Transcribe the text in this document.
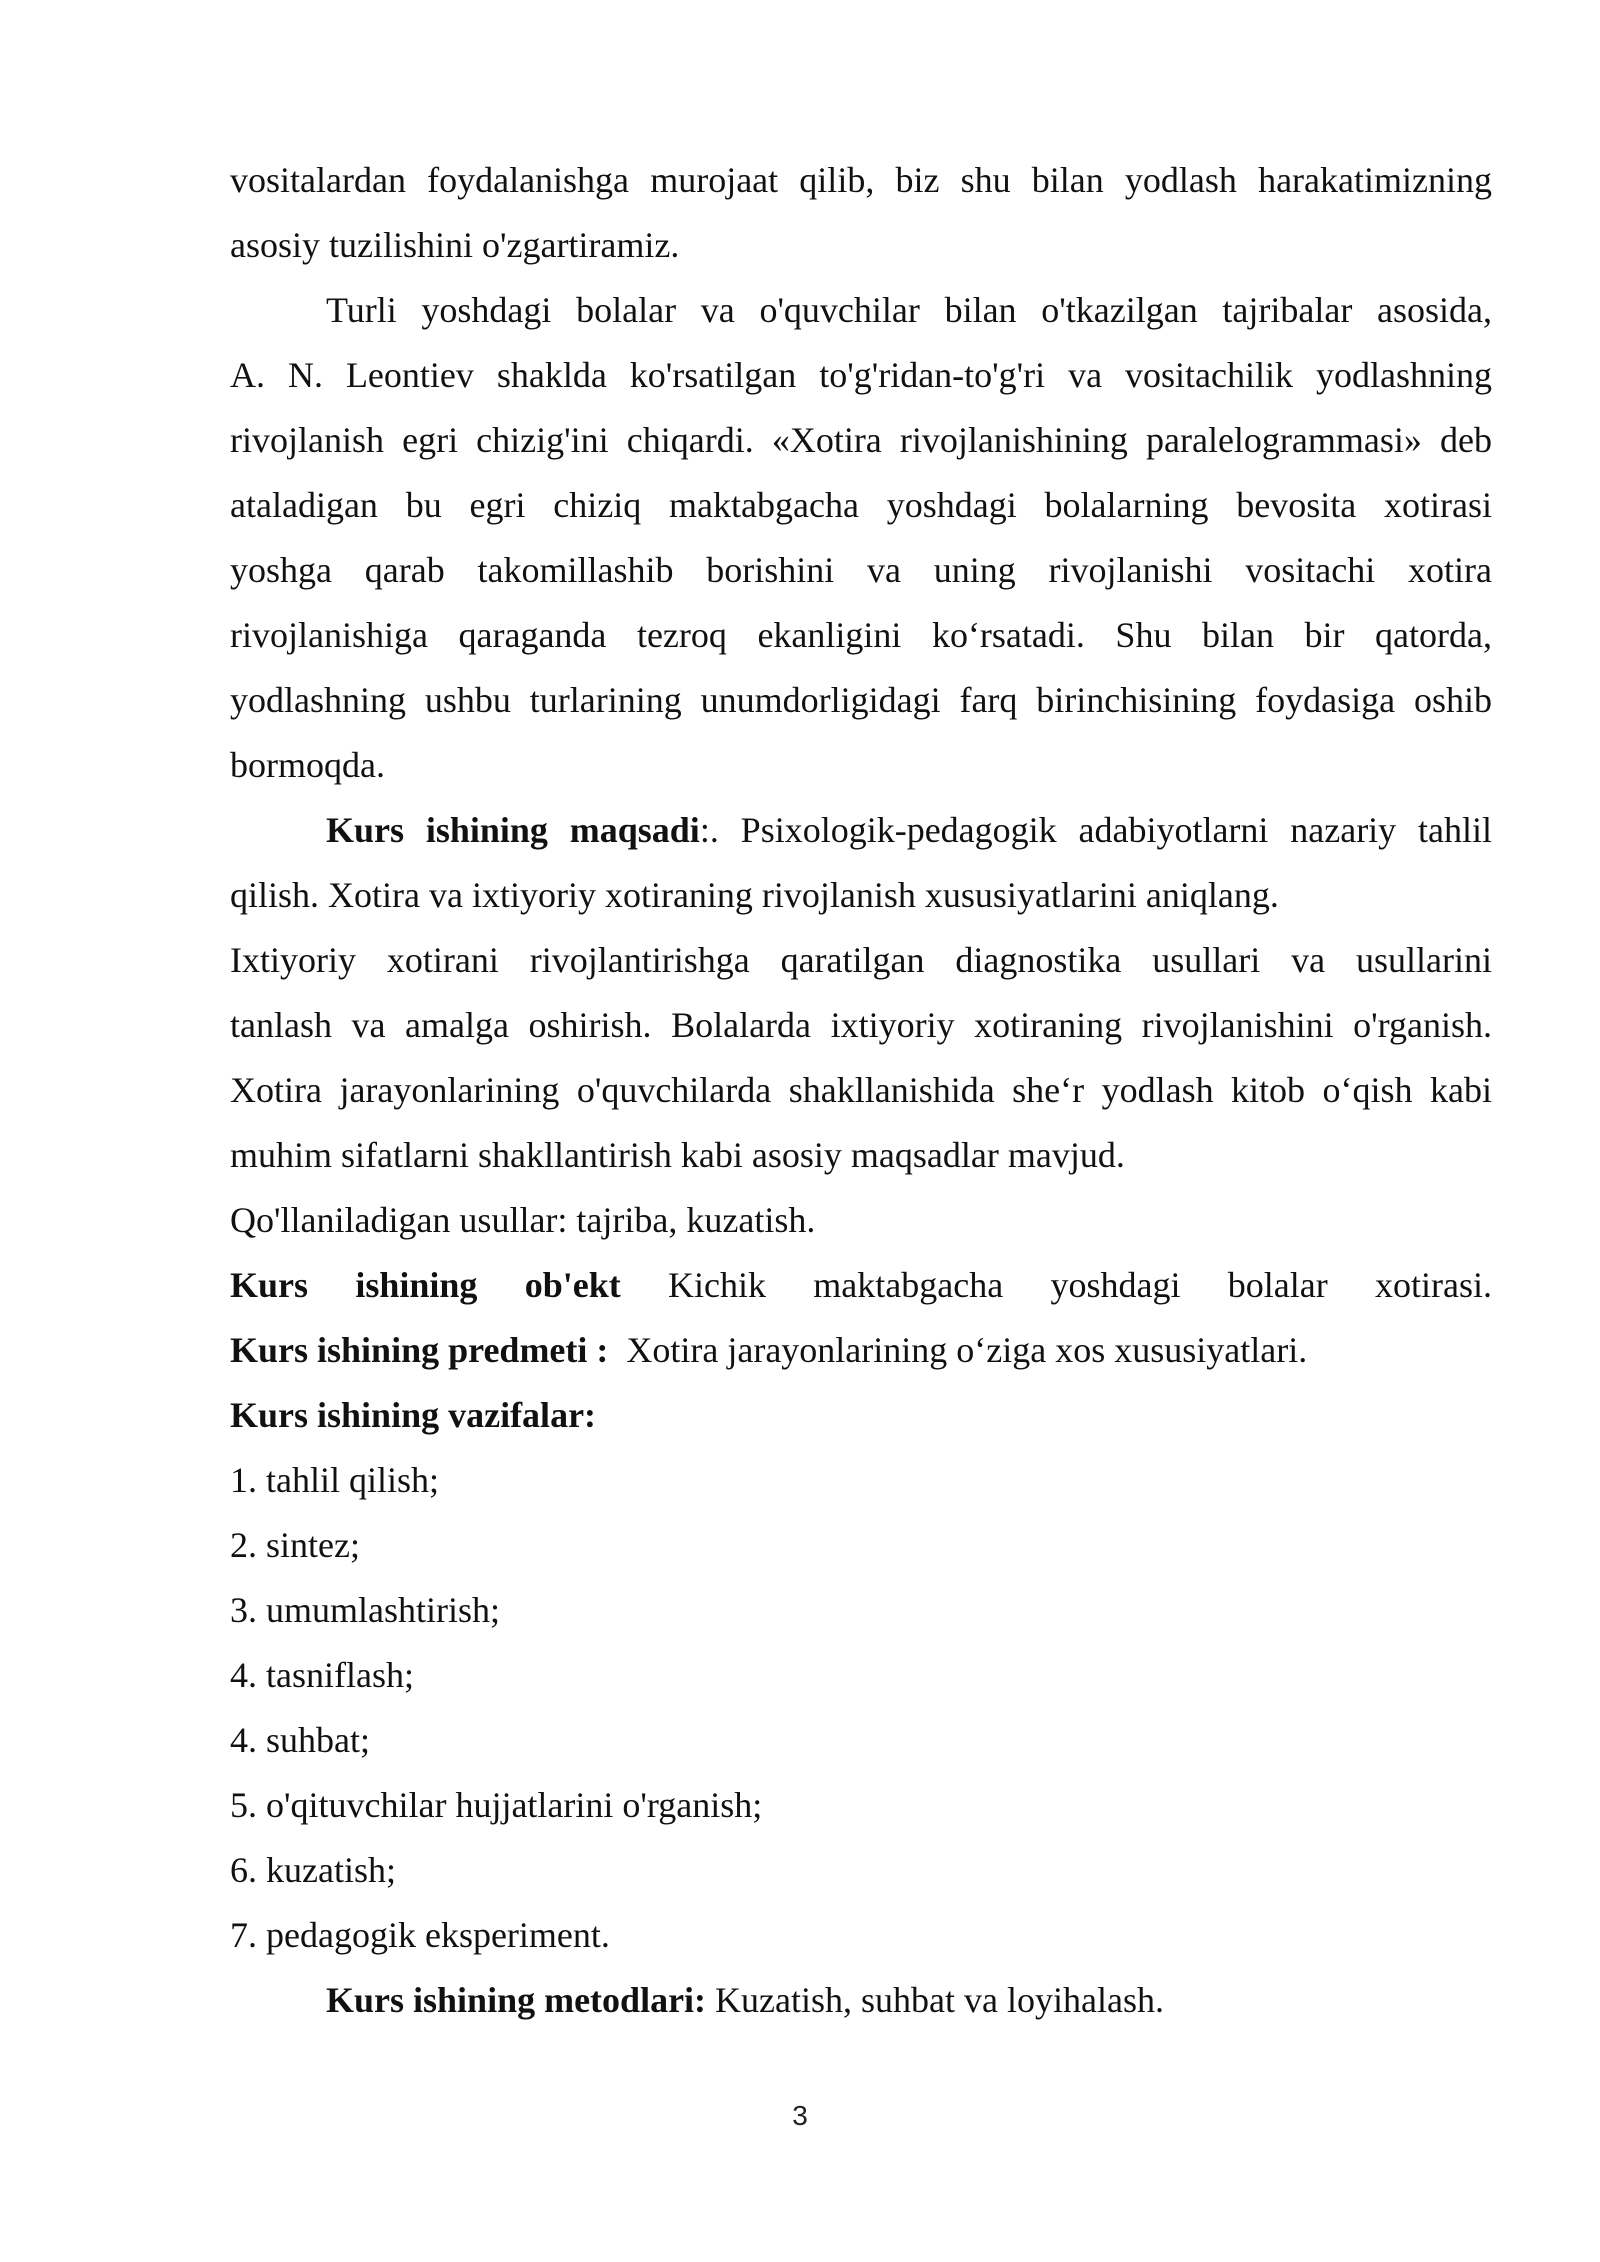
vositalardan foydalanishga murojaat qilib, biz shu bilan yodlash harakatimizning
asosiy tuzilishini o'zgartiramiz.
Turli yoshdagi bolalar va o'quvchilar bilan o'tkazilgan tajribalar asosida,
A. N. Leontiev shaklda ko'rsatilgan to'g'ridan-to'g'ri va vositachilik yodlashning
rivojlanish egri chizig'ini chiqardi. «Xotira rivojlanishining paralelogrammasi» deb
ataladigan bu egri chiziq maktabgacha yoshdagi bolalarning bevosita xotirasi
yoshga qarab takomillashib borishini va uning rivojlanishi vositachi xotira
rivojlanishiga qaraganda tezroq ekanligini ko‘rsatadi. Shu bilan bir qatorda,
yodlashning ushbu turlarining unumdorligidagi farq birinchisining foydasiga oshib
bormoqda.
Kurs ishining maqsadi:. Psixologik-pedagogik adabiyotlarni nazariy tahlil
qilish. Xotira va ixtiyoriy xotiraning rivojlanish xususiyatlarini aniqlang.
Ixtiyoriy xotirani rivojlantirishga qaratilgan diagnostika usullari va usullarini
tanlash va amalga oshirish. Bolalarda ixtiyoriy xotiraning rivojlanishini o'rganish.
Xotira jarayonlarining o'quvchilarda shakllanishida she‘r yodlash kitob o‘qish kabi
muhim sifatlarni shakllantirish kabi asosiy maqsadlar mavjud.
Qo'llaniladigan usullar: tajriba, kuzatish.
Kurs ishining ob'ekt Kichik maktabgacha yoshdagi bolalar xotirasi.
Kurs ishining predmeti : Xotira jarayonlarining o‘ziga xos xususiyatlari.
Kurs ishining vazifalar:
1. tahlil qilish;
2. sintez;
3. umumlashtirish;
4. tasniflash;
4. suhbat;
5. o'qituvchilar hujjatlarini o'rganish;
6. kuzatish;
7. pedagogik eksperiment.
Kurs ishining metodlari: Kuzatish, suhbat va loyihalash.
3
